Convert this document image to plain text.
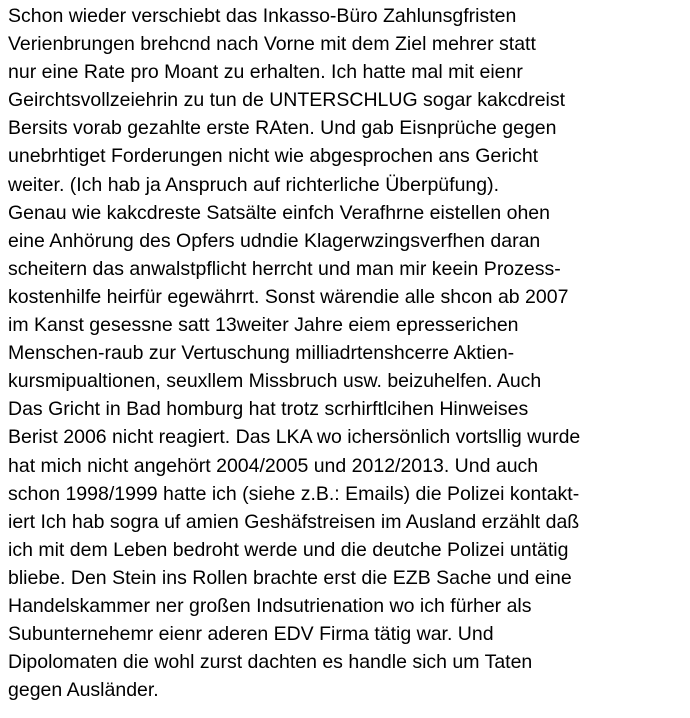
Schon wieder verschiebt das Inkasso-Büro Zahlunsgfristen
Verienbrungen brehcnd nach Vorne mit dem Ziel mehrer statt
nur eine Rate pro Moant zu erhalten. Ich hatte mal mit eienr
Geirchtsvollzeiehrin zu tun de UNTERSCHLUG sogar kakcdreist
Bersits vorab gezahlte erste RAten. Und gab Eisnprüche gegen
unebrhtiget Forderungen nicht wie abgesprochen ans Gericht
weiter. (Ich hab ja Anspruch auf richterliche Überpüfung).
Genau wie kakcdreste Satsälte einfch Verafhrne eistellen ohen
eine Anhörung des Opfers udndie Klagerwzingsverfhen daran
scheitern das anwalstpflicht herrcht und man mir keein Prozess-
kostenhilfe heirfür egewährrt. Sonst wärendie alle shcon ab 2007
im Kanst gesessne satt 13weiter Jahre eiem epresserichen
Menschen-raub zur Vertuschung milliadrtenshcerre Aktien-
kursmipualtionen, seuxllem Missbruch usw. beizuhelfen. Auch
Das Gricht in Bad homburg hat trotz scrhirftlcihen Hinweises
Berist 2006 nicht reagiert. Das LKA wo ichersönlich vortsllig wurde
hat mich nicht angehört 2004/2005 und 2012/2013. Und auch
schon 1998/1999 hatte ich (siehe z.B.: Emails) die Polizei kontakt-
iert Ich hab sogra uf amien Geshäfstreisen im Ausland erzählt daß
ich mit dem Leben bedroht werde und die deutche Polizei untätig
bliebe. Den Stein ins Rollen brachte erst die EZB Sache und eine
Handelskammer ner großen Indsutrienation wo ich fürher als
Subunternehemr eienr aderen EDV Firma tätig war. Und
Dipolomaten die wohl zurst dachten es handle sich um Taten
gegen Ausländer.
